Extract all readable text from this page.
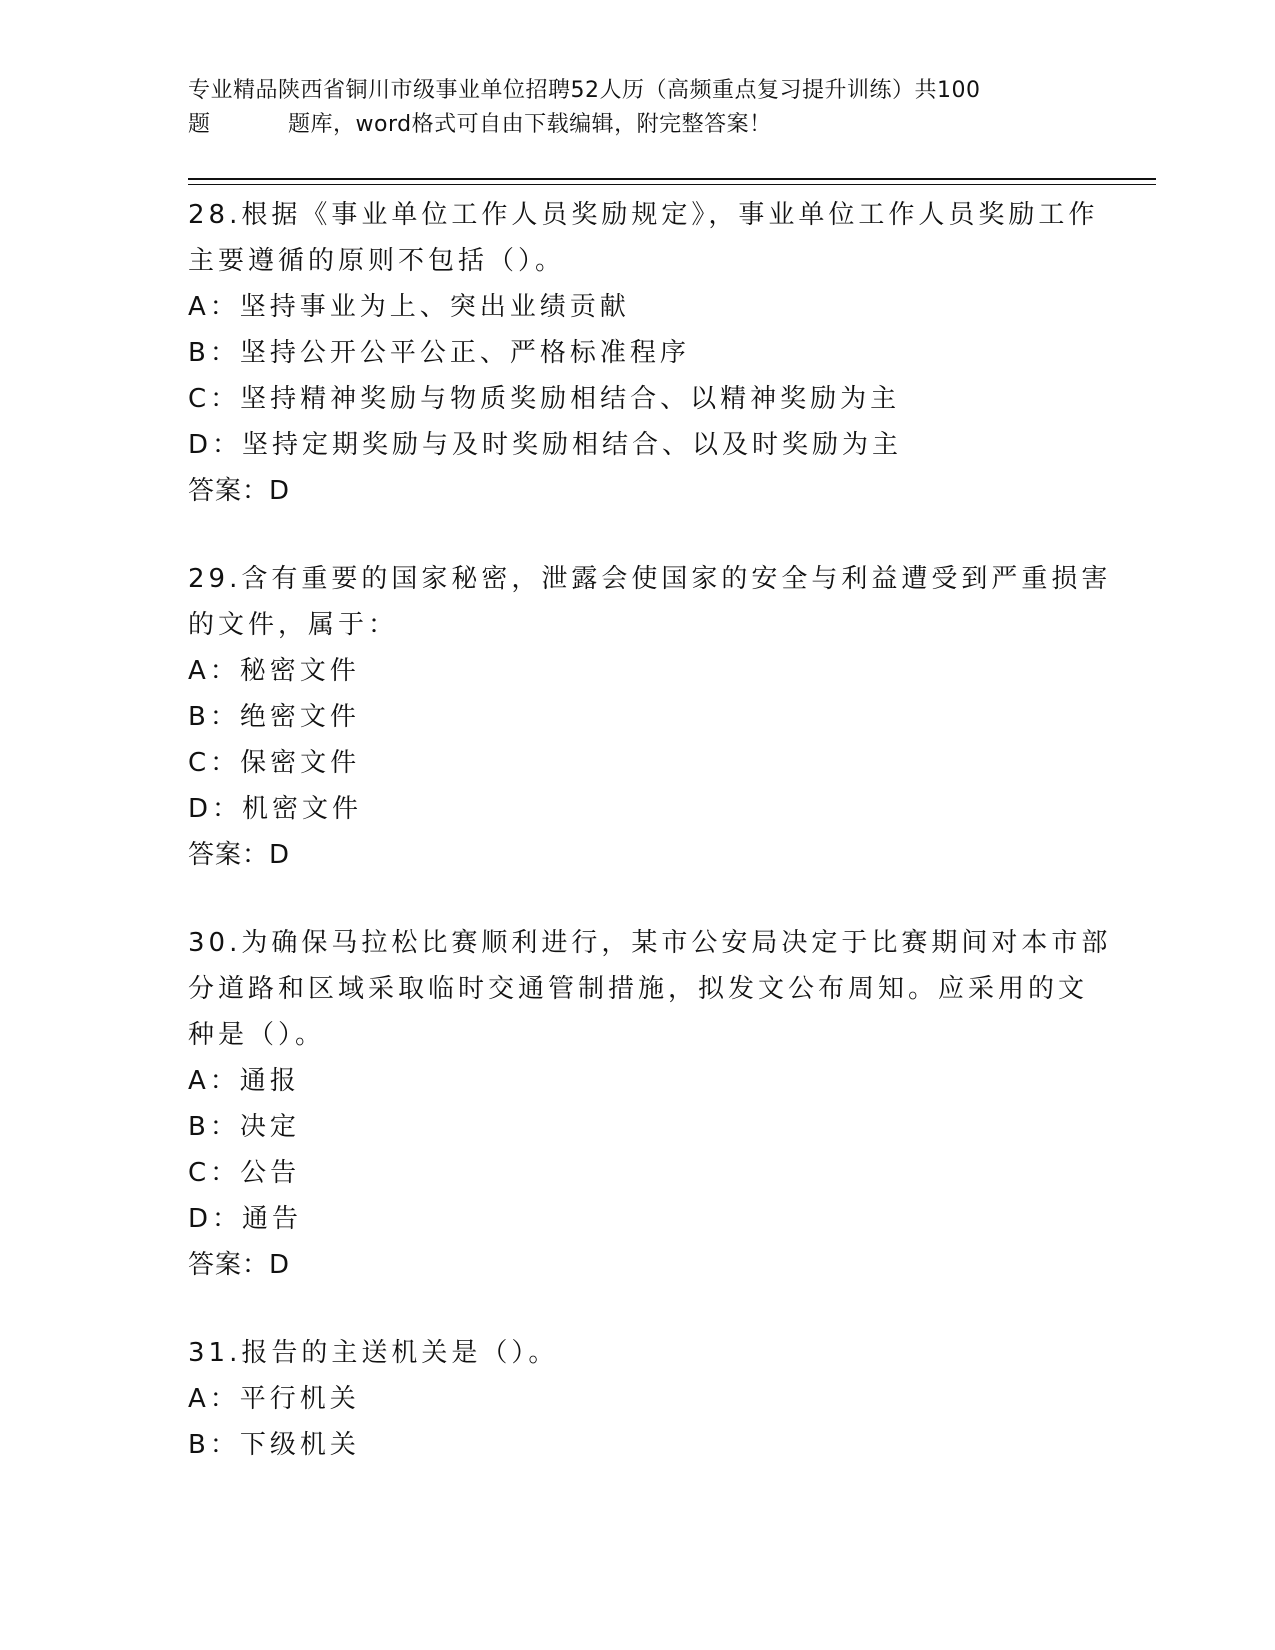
专业精品陕西省铜川市级事业单位招聘52人历（高频重点复习提升训练）共100
题	题库，word格式可自由下载编辑，附完整答案！
28.根据《事业单位工作人员奖励规定》，事业单位工作人员奖励工作
主要遵循的原则不包括（）。
A：坚持事业为上、突出业绩贡献
B：坚持公开公平公正、严格标准程序
C：坚持精神奖励与物质奖励相结合、以精神奖励为主
D：坚持定期奖励与及时奖励相结合、以及时奖励为主
答案：D
29.含有重要的国家秘密，泄露会使国家的安全与利益遭受到严重损害
的文件，属于：
A：秘密文件
B：绝密文件
C：保密文件
D：机密文件
答案：D
30.为确保马拉松比赛顺利进行，某市公安局决定于比赛期间对本市部
分道路和区域采取临时交通管制措施，拟发文公布周知。应采用的文
种是（）。
A：通报
B：决定
C：公告
D：通告
答案：D
31.报告的主送机关是（）。
A：平行机关
B：下级机关
